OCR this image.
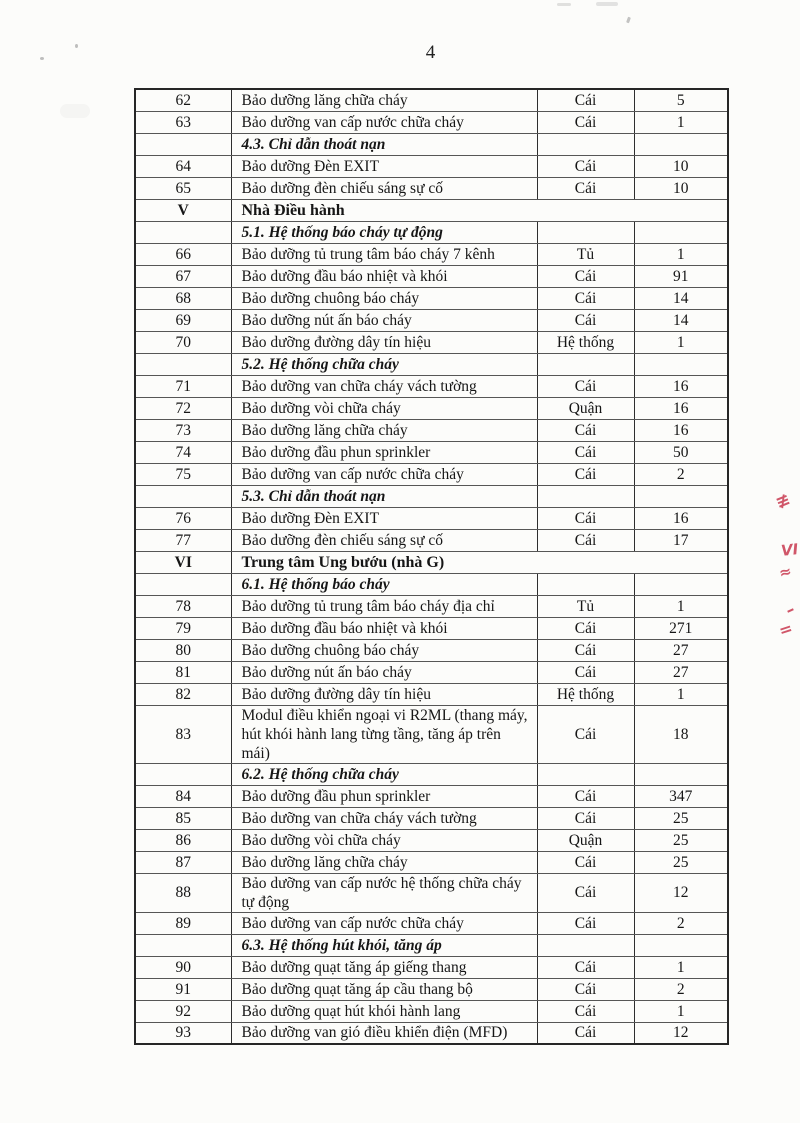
4
62	Bảo dưỡng lăng chữa cháy	Cái	5
63	Bảo dưỡng van cấp nước chữa cháy	Cái	1
	4.3. Chỉ dẫn thoát nạn		
64	Bảo dưỡng Đèn EXIT	Cái	10
65	Bảo dưỡng đèn chiếu sáng sự cố	Cái	10
V	Nhà Điều hành		
	5.1. Hệ thống báo cháy tự động		
66	Bảo dưỡng tủ trung tâm báo cháy 7 kênh	Tủ	1
67	Bảo dưỡng đầu báo nhiệt và khói	Cái	91
68	Bảo dưỡng chuông báo cháy	Cái	14
69	Bảo dưỡng nút ấn báo cháy	Cái	14
70	Bảo dưỡng đường dây tín hiệu	Hệ thống	1
	5.2. Hệ thống chữa cháy		
71	Bảo dưỡng van chữa cháy vách tường	Cái	16
72	Bảo dưỡng vòi chữa cháy	Quận	16
73	Bảo dưỡng lăng chữa cháy	Cái	16
74	Bảo dưỡng đầu phun sprinkler	Cái	50
75	Bảo dưỡng van cấp nước chữa cháy	Cái	2
	5.3. Chỉ dẫn thoát nạn		
76	Bảo dưỡng Đèn EXIT	Cái	16
77	Bảo dưỡng đèn chiếu sáng sự cố	Cái	17
VI	Trung tâm Ung bướu (nhà G)		
	6.1. Hệ thống báo cháy		
78	Bảo dưỡng tủ trung tâm báo cháy địa chỉ	Tủ	1
79	Bảo dưỡng đầu báo nhiệt và khói	Cái	271
80	Bảo dưỡng chuông báo cháy	Cái	27
81	Bảo dưỡng nút ấn báo cháy	Cái	27
82	Bảo dưỡng đường dây tín hiệu	Hệ thống	1
83	Modul điều khiển ngoại vi R2ML (thang máy, hút khói hành lang từng tầng, tăng áp trên mái)	Cái	18
	6.2. Hệ thống chữa cháy		
84	Bảo dưỡng đầu phun sprinkler	Cái	347
85	Bảo dưỡng van chữa cháy vách tường	Cái	25
86	Bảo dưỡng vòi chữa cháy	Quận	25
87	Bảo dưỡng lăng chữa cháy	Cái	25
88	Bảo dưỡng van cấp nước hệ thống chữa cháy tự động	Cái	12
89	Bảo dưỡng van cấp nước chữa cháy	Cái	2
	6.3. Hệ thống hút khói, tăng áp		
90	Bảo dưỡng quạt tăng áp giếng thang	Cái	1
91	Bảo dưỡng quạt tăng áp cầu thang bộ	Cái	2
92	Bảo dưỡng quạt hút khói hành lang	Cái	1
93	Bảo dưỡng van gió điều khiển điện (MFD)	Cái	12
≢
VI
≈
–
=
